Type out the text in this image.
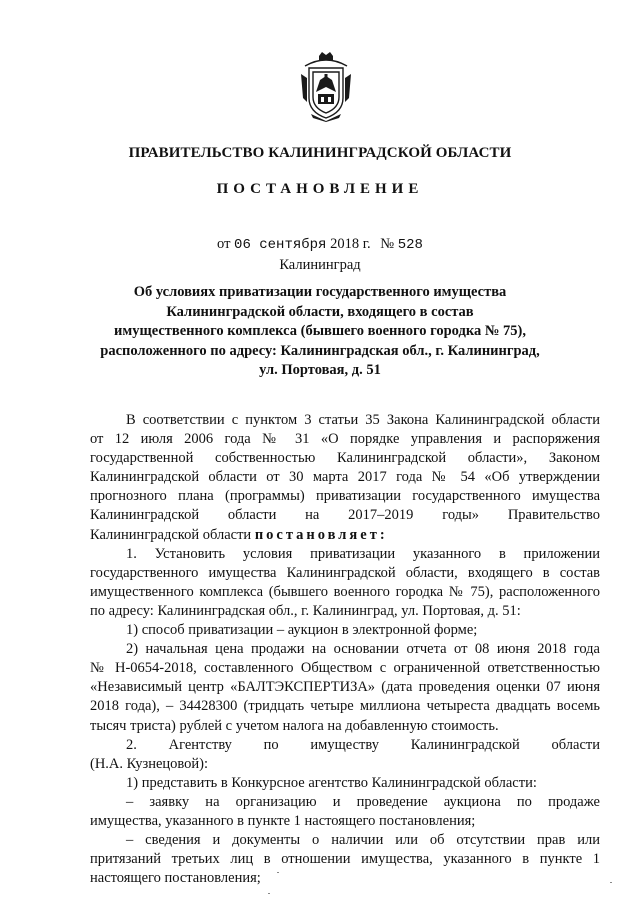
ПРАВИТЕЛЬСТВО КАЛИНИНГРАДСКОЙ ОБЛАСТИ
ПОСТАНОВЛЕНИЕ
от 06 сентября 2018 г. № 528
Калининград
Об условиях приватизации государственного имущества
Калининградской области, входящего в состав
имущественного комплекса (бывшего военного городка № 75),
расположенного по адресу: Калининградская обл., г. Калининград,
ул. Портовая, д. 51
В соответствии с пунктом 3 статьи 35 Закона Калининградской области
от 12 июля 2006 года № 31 «О порядке управления и распоряжения
государственной собственностью Калининградской области», Законом
Калининградской области от 30 марта 2017 года № 54 «Об утверждении
прогнозного плана (программы) приватизации государственного имущества
Калининградской области на 2017–2019 годы» Правительство
Калининградской области постановляет:
1. Установить условия приватизации указанного в приложении
государственного имущества Калининградской области, входящего в состав
имущественного комплекса (бывшего военного городка № 75), расположенного
по адресу: Калининградская обл., г. Калининград, ул. Портовая, д. 51:
1) способ приватизации – аукцион в электронной форме;
2) начальная цена продажи на основании отчета от 08 июня 2018 года
№ Н-0654-2018, составленного Обществом с ограниченной ответственностью
«Независимый центр «БАЛТЭКСПЕРТИЗА» (дата проведения оценки 07 июня
2018 года), – 34428300 (тридцать четыре миллиона четыреста двадцать восемь
тысяч триста) рублей с учетом налога на добавленную стоимость.
2. Агентству по имуществу Калининградской области
(Н.А. Кузнецовой):
1) представить в Конкурсное агентство Калининградской области:
– заявку на организацию и проведение аукциона по продаже
имущества, указанного в пункте 1 настоящего постановления;
– сведения и документы о наличии или об отсутствии прав или
притязаний третьих лиц в отношении имущества, указанного в пункте 1
настоящего постановления;
